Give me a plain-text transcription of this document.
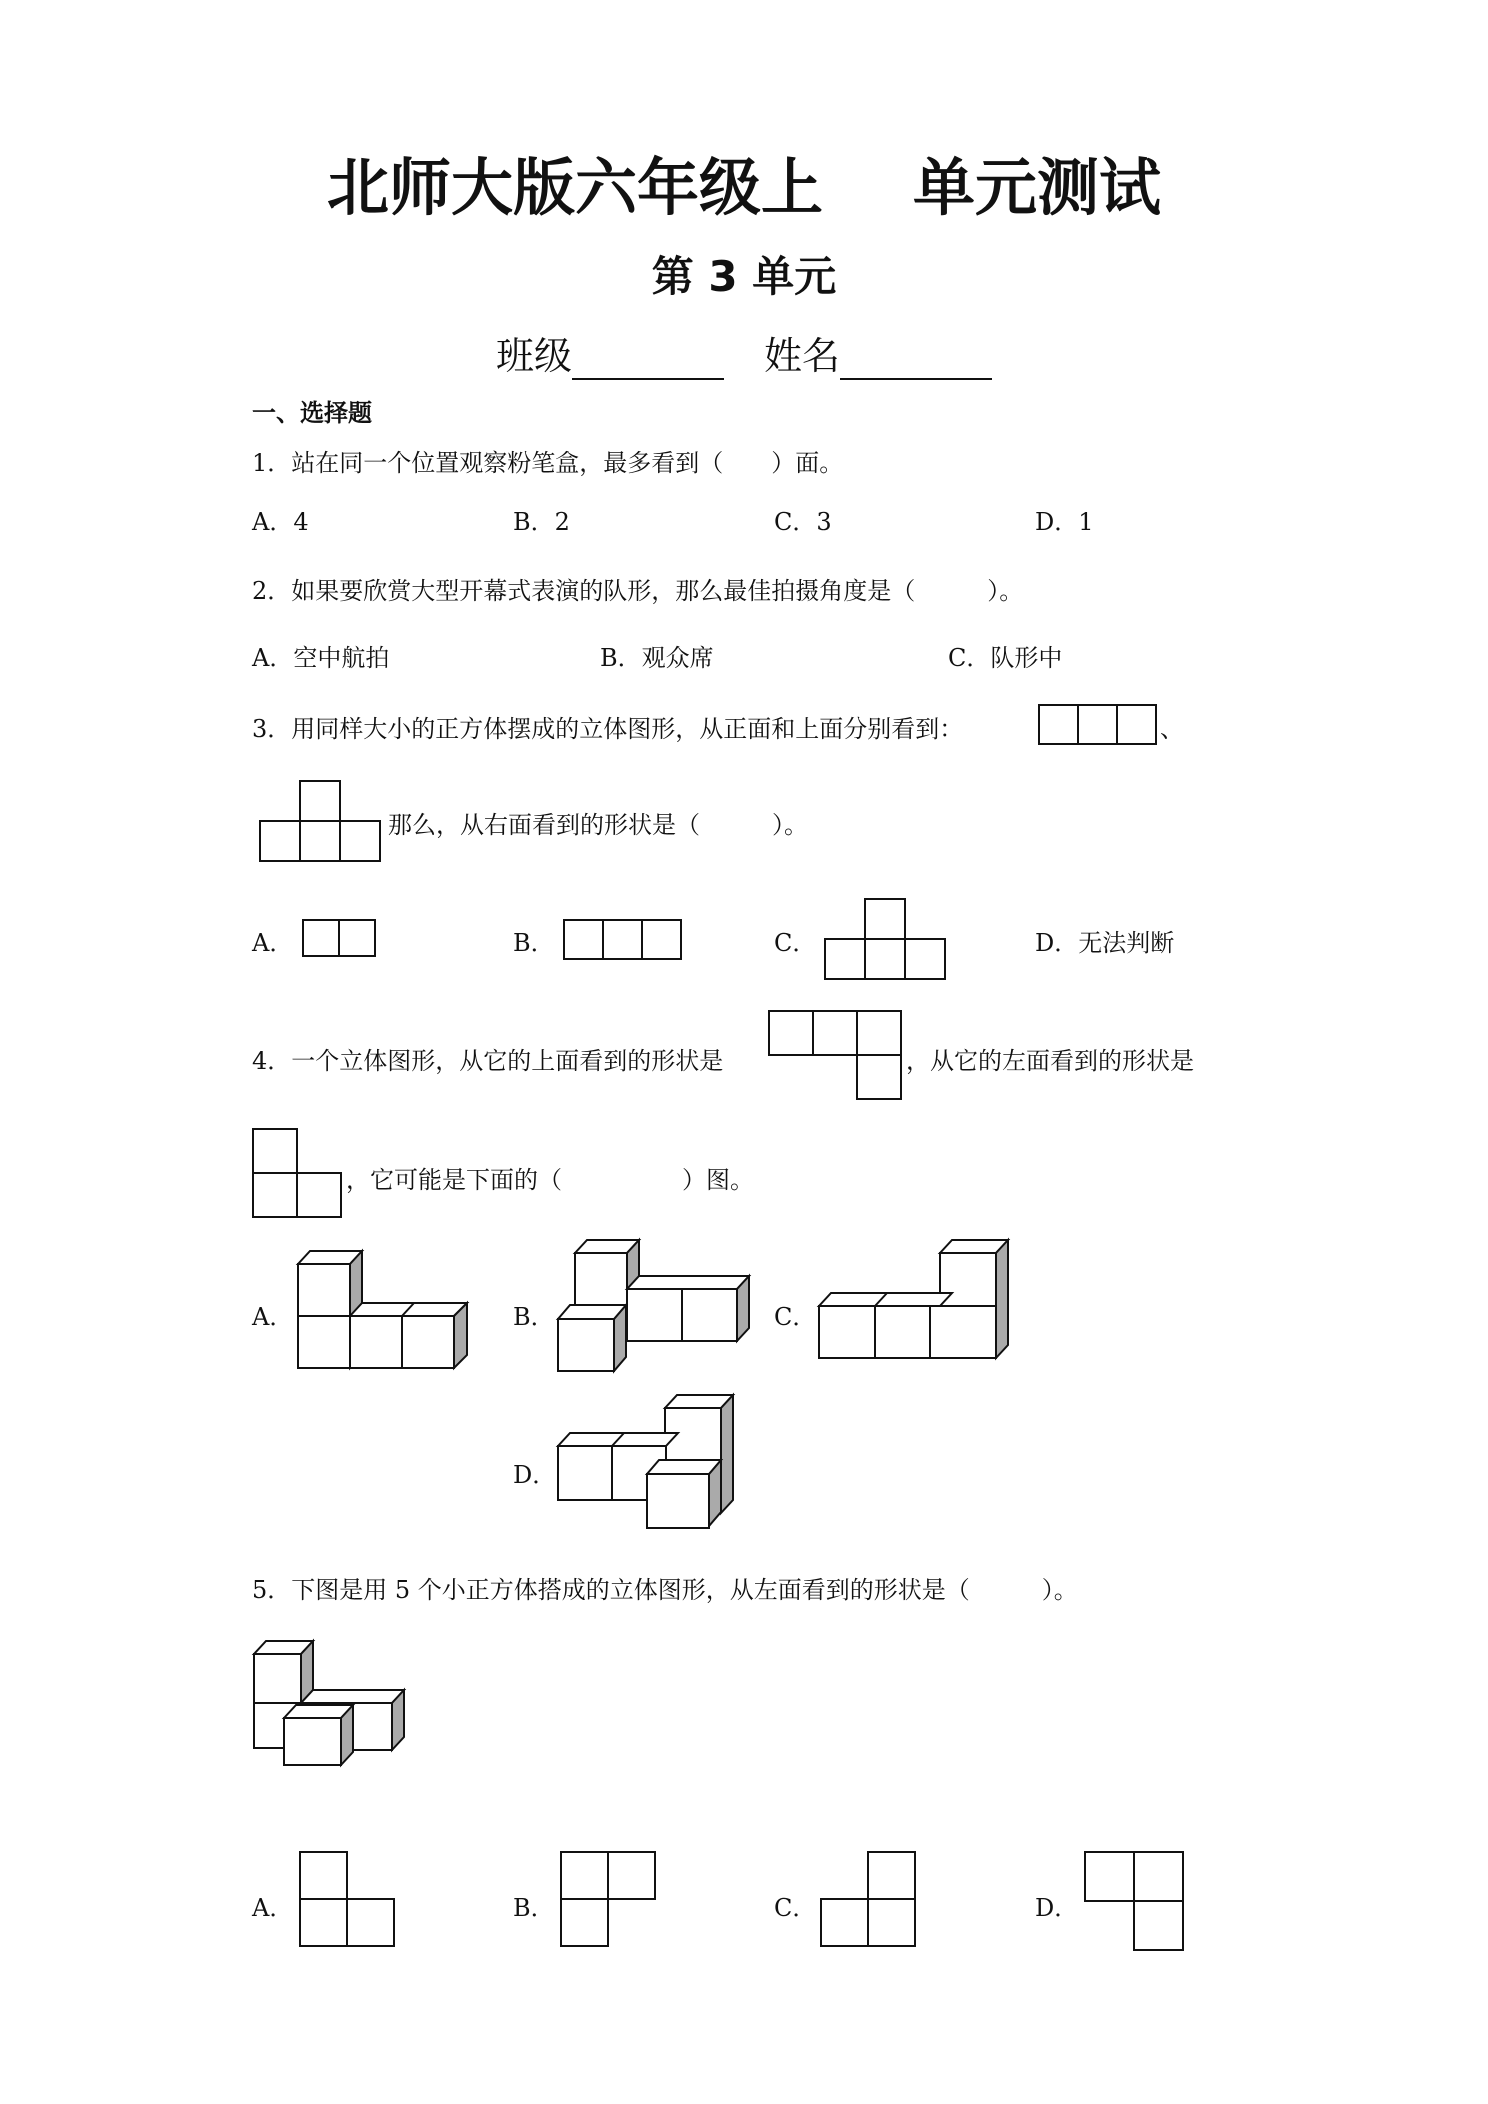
北师大版六年级上 单元测试
第 3 单元
班级	姓名
一、选择题
1．站在同一个位置观察粉笔盒，最多看到（　　）面。
A．4	B．2	C．3	D．1
2．如果要欣赏大型开幕式表演的队形，那么最佳拍摄角度是（　　　）。
A．空中航拍	B．观众席	C．队形中
3．用同样大小的正方体摆成的立体图形，从正面和上面分别看到：	、
那么，从右面看到的形状是（　　　）。
A．	B．	C．	D．无法判断
4．一个立体图形，从它的上面看到的形状是	，从它的左面看到的形状是
，它可能是下面的（　　　　　）图。
A．	B．	C．
D．
5．下图是用 5 个小正方体搭成的立体图形，从左面看到的形状是（　　　）。
A．	B．	C．	D．
